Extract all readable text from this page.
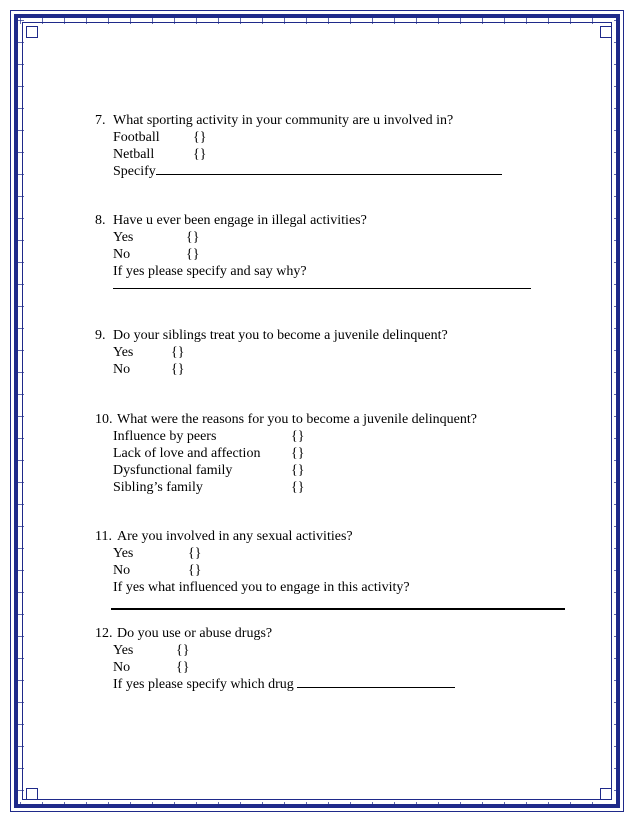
7. What sporting activity in your community are u involved in?
Football {}
Netball	{}
Specify
8. Have u ever been engage in illegal activities?
Yes	{}
No	{}
If yes please specify and say why?
9. Do your siblings treat you to become a juvenile delinquent?
Yes	{}
No	{}
10. What were the reasons for you to become a juvenile delinquent?
Influence by peers	{}
Lack of love and affection {}
Dysfunctional family	{}
Sibling’s family	{}
11. Are you involved in any sexual activities?
Yes	{}
No	{}
If yes what influenced you to engage in this activity?
12. Do you use or abuse drugs?
Yes	{}
No	{}
If yes please specify which drug
